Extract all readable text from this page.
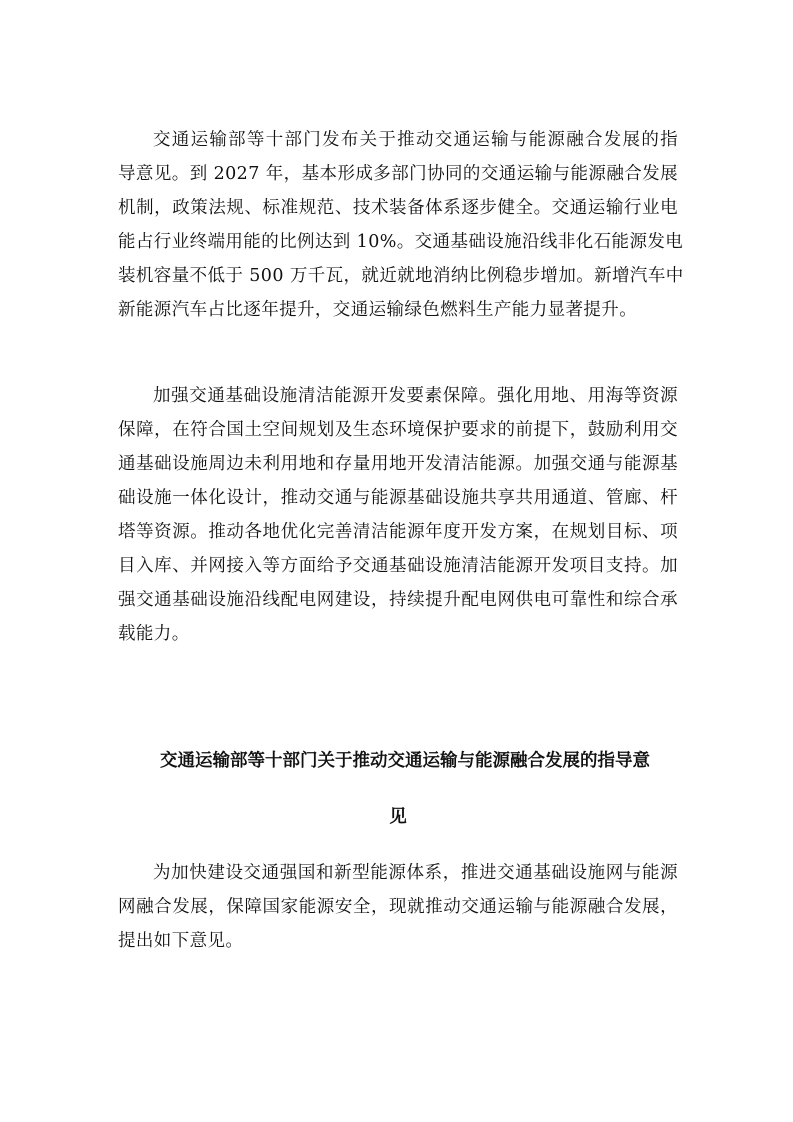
交通运输部等十部门发布关于推动交通运输与能源融合发展的指
导意见。到 2027 年，基本形成多部门协同的交通运输与能源融合发展
机制，政策法规、标准规范、技术装备体系逐步健全。交通运输行业电
能占行业终端用能的比例达到 10%。交通基础设施沿线非化石能源发电
装机容量不低于 500 万千瓦，就近就地消纳比例稳步增加。新增汽车中
新能源汽车占比逐年提升，交通运输绿色燃料生产能力显著提升。
加强交通基础设施清洁能源开发要素保障。强化用地、用海等资源
保障，在符合国土空间规划及生态环境保护要求的前提下，鼓励利用交
通基础设施周边未利用地和存量用地开发清洁能源。加强交通与能源基
础设施一体化设计，推动交通与能源基础设施共享共用通道、管廊、杆
塔等资源。推动各地优化完善清洁能源年度开发方案，在规划目标、项
目入库、并网接入等方面给予交通基础设施清洁能源开发项目支持。加
强交通基础设施沿线配电网建设，持续提升配电网供电可靠性和综合承
载能力。
交通运输部等十部门关于推动交通运输与能源融合发展的指导意
见
为加快建设交通强国和新型能源体系，推进交通基础设施网与能源
网融合发展，保障国家能源安全，现就推动交通运输与能源融合发展，
提出如下意见。
